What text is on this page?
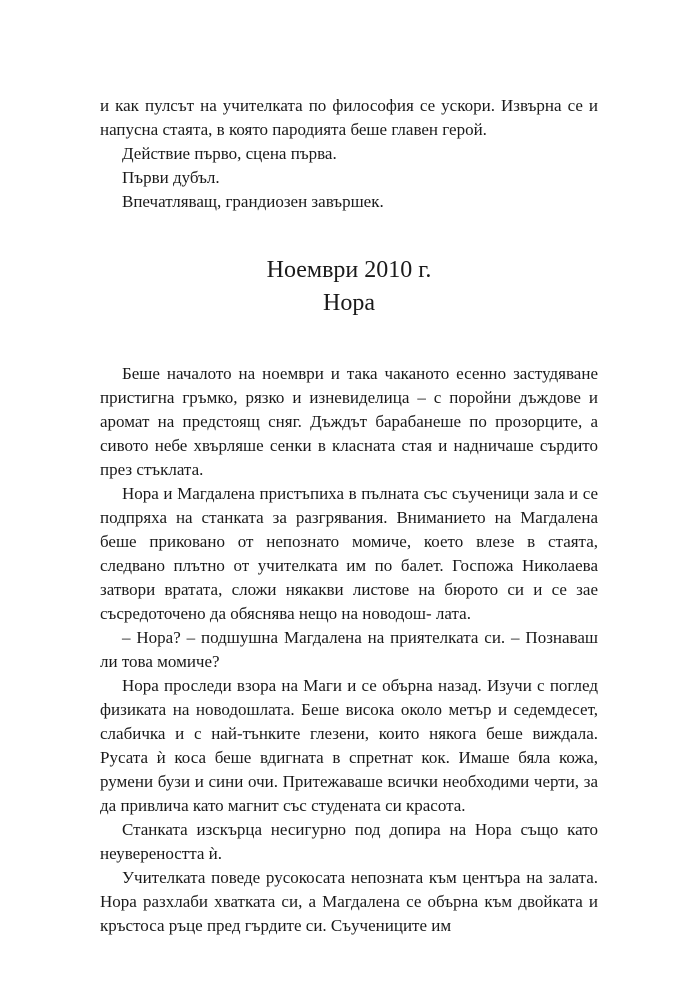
и как пулсът на учителката по философия се ускори. Извърна се и напусна стаята, в която пародията беше главен герой.

Действие първо, сцена първа.

Първи дубъл.

Впечатляващ, грандиозен завършек.

Ноември 2010 г.
Нора

Беше началото на ноември и така чаканото есенно застудяване пристигна гръмко, рязко и изневиделица – с поройни дъждове и аромат на предстоящ сняг. Дъждът барабанеше по прозорците, а сивото небе хвърляше сенки в класната стая и надничаше сърдито през стъклата.

Нора и Магдалена пристъпиха в пълната със съученици зала и се подпряха на станката за разгрявания. Вниманието на Магдалена беше приковано от непознато момиче, което влезе в стаята, следвано плътно от учителката им по балет. Госпожа Николаева затвори вратата, сложи някакви листове на бюрото си и се зае съсредоточено да обяснява нещо на новодош- лата.

– Нора? – подшушна Магдалена на приятелката си. – Познаваш ли това момиче?

Нора проследи взора на Маги и се обърна назад. Изучи с поглед физиката на новодошлата. Беше висока около метър и седемдесет, слабичка и с най-тънките глезени, които някога беше виждала. Русата ѝ коса беше вдигната в спретнат кок. Имаше бяла кожа, румени бузи и сини очи. Притежаваше всички необходими черти, за да привлича като магнит със студената си красота.

Станката изскърца несигурно под допира на Нора също като неувереността ѝ.

Учителката поведе русокосата непозната към центъра на залата. Нора разхлаби хватката си, а Магдалена се обърна към двойката и кръстоса ръце пред гърдите си. Съучениците им
